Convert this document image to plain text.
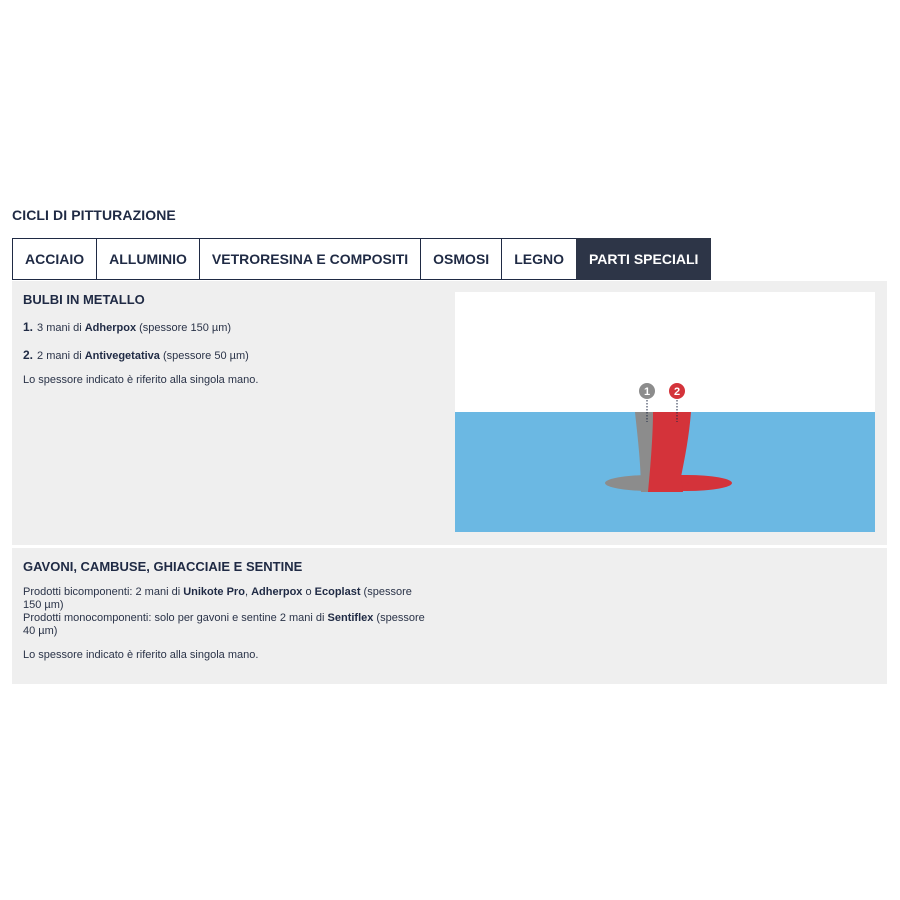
CICLI DI PITTURAZIONE
ACCIAIO	ALLUMINIO	VETRORESINA E COMPOSITI	OSMOSI	LEGNO	PARTI SPECIALI
BULBI IN METALLO
1. 3 mani di Adherpox (spessore 150 µm)
2. 2 mani di Antivegetativa (spessore 50 µm)
Lo spessore indicato è riferito alla singola mano.
1 2
GAVONI, CAMBUSE, GHIACCIAIE E SENTINE
Prodotti bicomponenti: 2 mani di Unikote Pro, Adherpox o Ecoplast (spessore 150 µm)
Prodotti monocomponenti: solo per gavoni e sentine 2 mani di Sentiflex (spessore 40 µm)
Lo spessore indicato è riferito alla singola mano.
